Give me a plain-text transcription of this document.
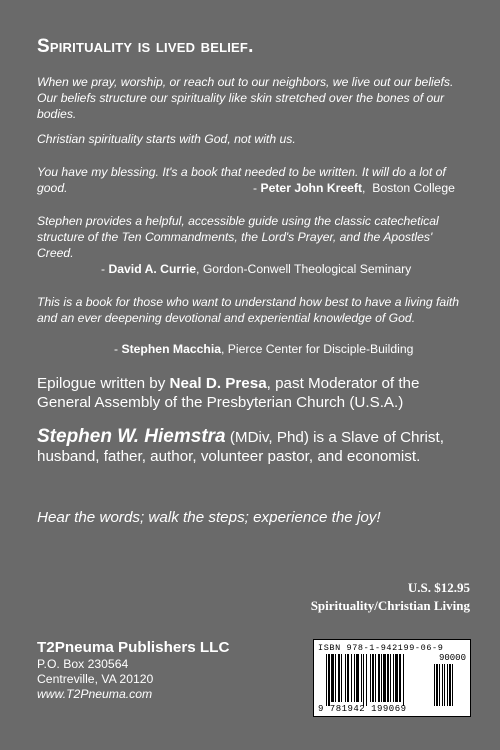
Spirituality is lived belief.

When we pray, worship, or reach out to our neighbors, we live out our beliefs. Our beliefs structure our spirituality like skin stretched over the bones of our bodies.

Christian spirituality starts with God, not with us.

You have my blessing. It's a book that needed to be written. It will do a lot of good.	- Peter John Kreeft,  Boston College

Stephen provides a helpful, accessible guide using the classic catechetical structure of the Ten Commandments, the Lord's Prayer, and the Apostles' Creed.

- David A. Currie, Gordon-Conwell Theological Seminary

This is a book for those who want to understand how best to have a living faith and an ever deepening devotional and experiential knowledge of God.

- Stephen Macchia, Pierce Center for Disciple-Building

Epilogue written by Neal D. Presa, past Moderator of the General Assembly of the Presbyterian Church (U.S.A.)

Stephen W. Hiemstra (MDiv, Phd) is a Slave of Christ, husband, father, author, volunteer pastor, and economist.

Hear the words; walk the steps; experience the joy!

U.S. $12.95
Spirituality/Christian Living
T2Pneuma Publishers LLC
P.O. Box 230564
Centreville, VA 20120
www.T2Pneuma.com
ISBN 978-1-942199-06-9
90000
9 781942 199069
